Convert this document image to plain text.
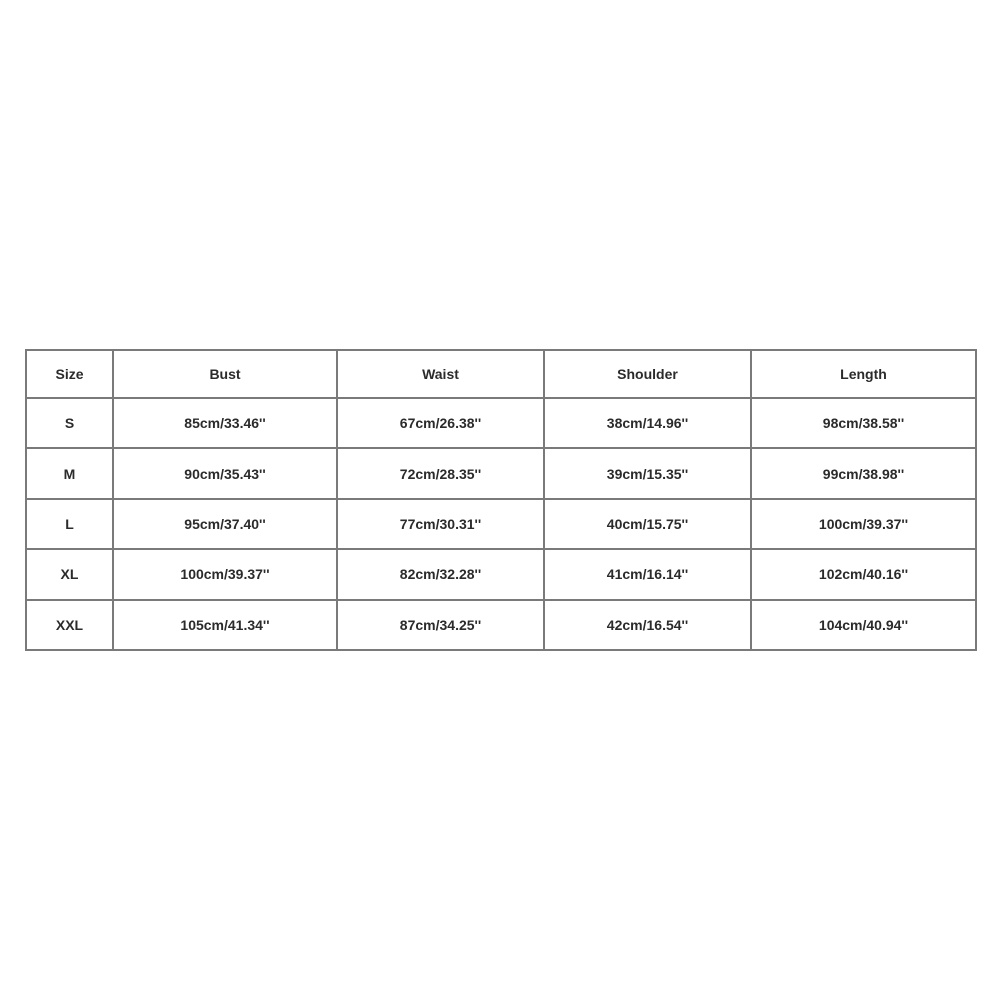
Size	Bust	Waist	Shoulder	Length
S	85cm/33.46''	67cm/26.38''	38cm/14.96''	98cm/38.58''
M	90cm/35.43''	72cm/28.35''	39cm/15.35''	99cm/38.98''
L	95cm/37.40''	77cm/30.31''	40cm/15.75''	100cm/39.37''
XL	100cm/39.37''	82cm/32.28''	41cm/16.14''	102cm/40.16''
XXL	105cm/41.34''	87cm/34.25''	42cm/16.54''	104cm/40.94''
